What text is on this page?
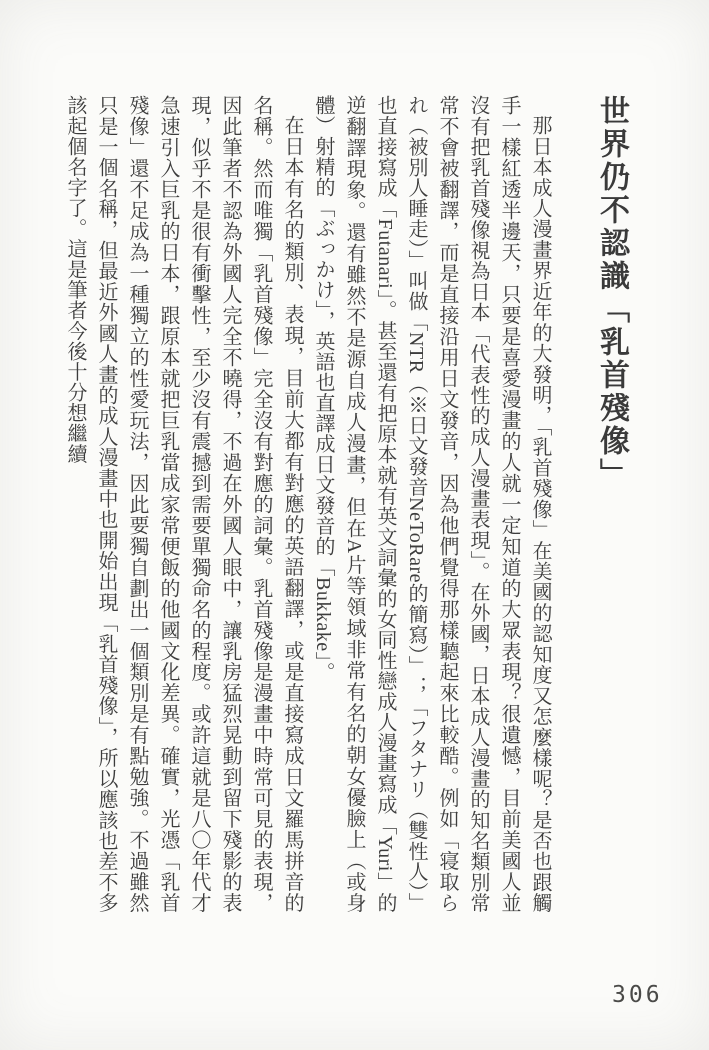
世界仍不認識「乳首殘像」

那日本成人漫畫界近年的大發明，「乳首殘像」在美國的認知度又怎麼樣呢？是否也跟觸手一樣紅透半邊天，只要是喜愛漫畫的人就一定知道的大眾表現？很遺憾，目前美國人並沒有把乳首殘像視為日本「代表性的成人漫畫表現」。在外國，日本成人漫畫的知名類別常常不會被翻譯，而是直接沿用日文發音，因為他們覺得那樣聽起來比較酷。例如「寝取られ（被別人睡走）」叫做「NTR（※日文發音NeToRare的簡寫）」；「フタナリ（雙性人）」也直接寫成「Futanari」。甚至還有把原本就有英文詞彙的女同性戀成人漫畫寫成「Yuri」的逆翻譯現象。還有雖然不是源自成人漫畫，但在A片等領域非常有名的朝女優臉上（或身體）射精的「ぶっかけ」，英語也直譯成日文發音的「Bukkake」。

在日本有名的類別、表現，目前大都有對應的英語翻譯，或是直接寫成日文羅馬拼音的名稱。然而唯獨「乳首殘像」完全沒有對應的詞彙。乳首殘像是漫畫中時常可見的表現，因此筆者不認為外國人完全不曉得，不過在外國人眼中，讓乳房猛烈晃動到留下殘影的表現，似乎不是很有衝擊性，至少沒有震撼到需要單獨命名的程度。或許這就是八〇年代才急速引入巨乳的日本，跟原本就把巨乳當成家常便飯的他國文化差異。確實，光憑「乳首殘像」還不足成為一種獨立的性愛玩法，因此要獨自劃出一個類別是有點勉強。不過雖然只是一個名稱，但最近外國人畫的成人漫畫中也開始出現「乳首殘像」，所以應該也差不多該起個名字了。這是筆者今後十分想繼續

306
